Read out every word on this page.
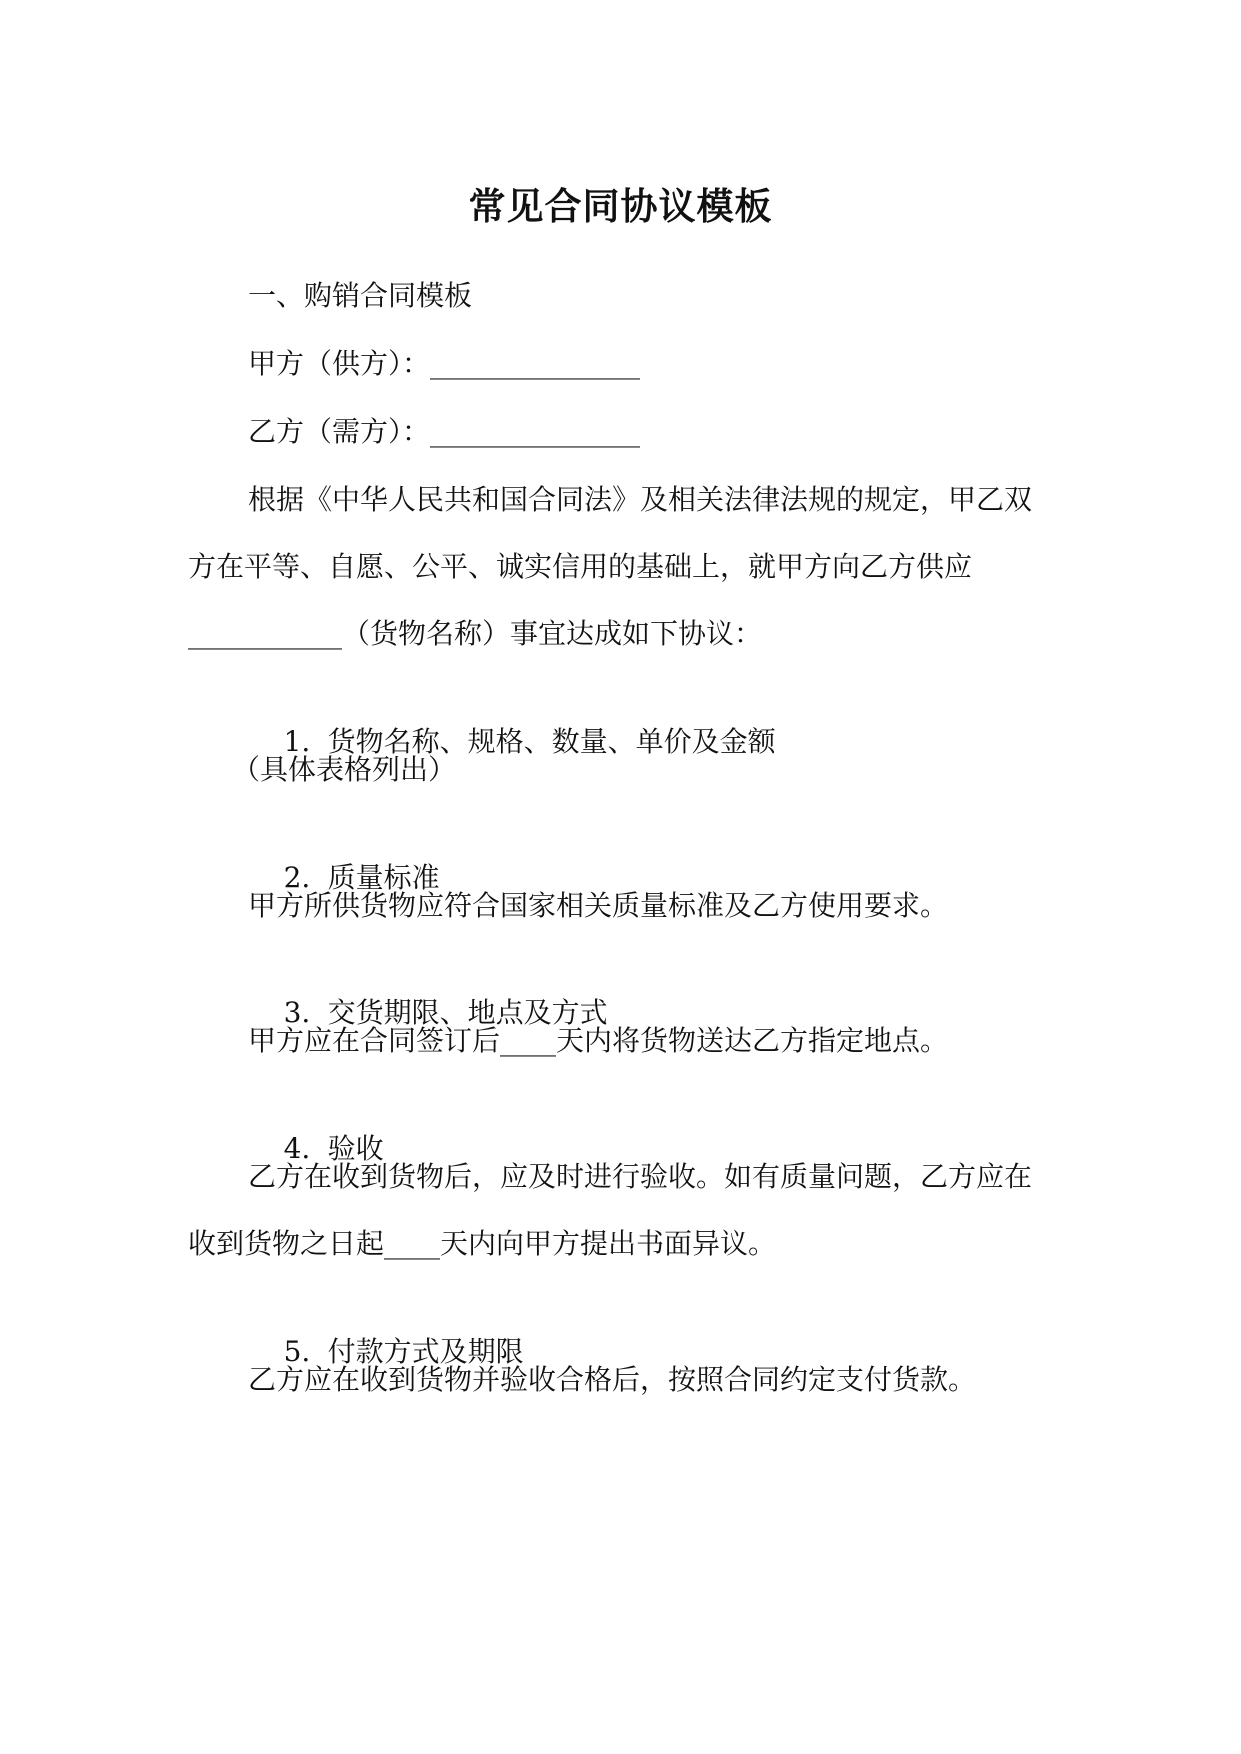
常见合同协议模板
一、购销合同模板
甲方（供方）：_______________
乙方（需方）：_______________
根据《中华人民共和国合同法》及相关法律法规的规定，甲乙双
方在平等、自愿、公平、诚实信用的基础上，就甲方向乙方供应
___________（货物名称）事宜达成如下协议：

1. 货物名称、规格、数量、单价及金额

（具体表格列出）

2. 质量标准

甲方所供货物应符合国家相关质量标准及乙方使用要求。

3. 交货期限、地点及方式

甲方应在合同签订后____天内将货物送达乙方指定地点。

4. 验收

乙方在收到货物后，应及时进行验收。如有质量问题，乙方应在
收到货物之日起____天内向甲方提出书面异议。

5. 付款方式及期限

乙方应在收到货物并验收合格后，按照合同约定支付货款。
